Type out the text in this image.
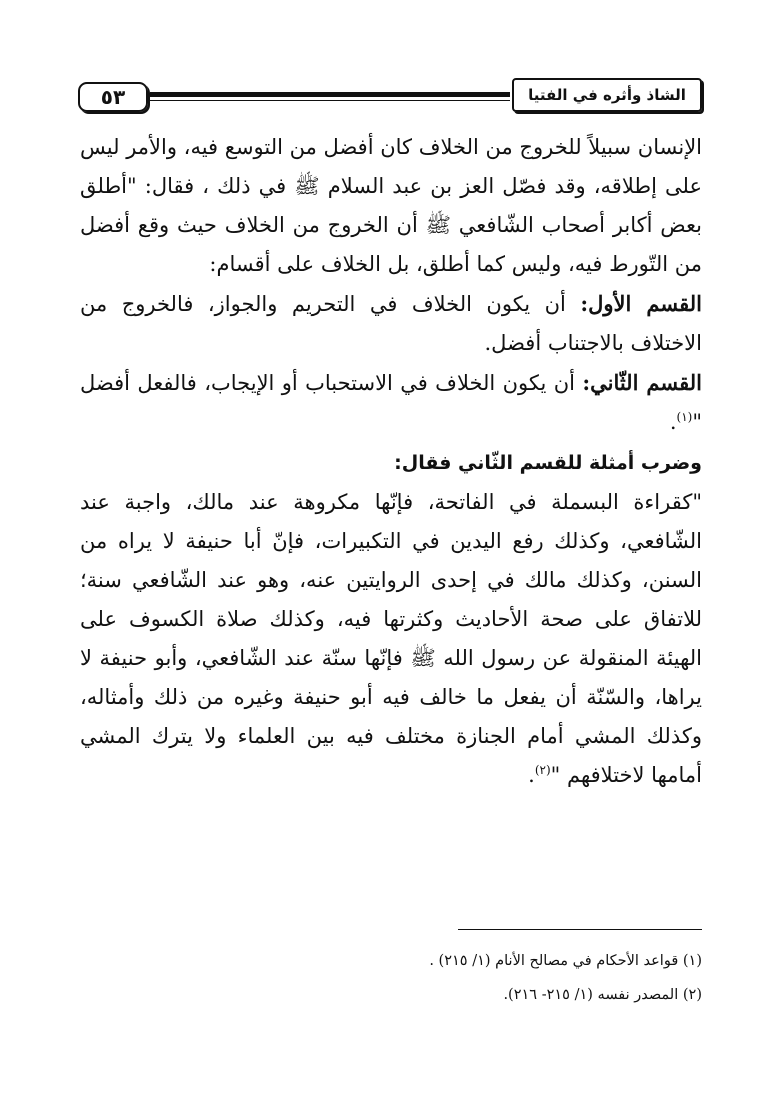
٥٣	الشاذ وأثره في الفتيا

الإنسان سبيلاً للخروج من الخلاف كان أفضل من التوسع فيه، والأمر ليس على إطلاقه، وقد فصّل العز بن عبد السلام ﷺ في ذلك ، فقال: "أطلق بعض أكابر أصحاب الشّافعي ﷺ أن الخروج من الخلاف حيث وقع أفضل من التّورط فيه، وليس كما أطلق، بل الخلاف على أقسام:

القسم الأول: أن يكون الخلاف في التحريم والجواز، فالخروج من الاختلاف بالاجتناب أفضل.

القسم الثّاني: أن يكون الخلاف في الاستحباب أو الإيجاب، فالفعل أفضل "$^{(١)}$.

وضرب أمثلة للقسم الثّاني فقال:

"كقراءة البسملة في الفاتحة، فإنّها مكروهة عند مالك، واجبة عند الشّافعي، وكذلك رفع اليدين في التكبيرات، فإنّ أبا حنيفة لا يراه من السنن، وكذلك مالك في إحدى الروايتين عنه، وهو عند الشّافعي سنة؛ للاتفاق على صحة الأحاديث وكثرتها فيه، وكذلك صلاة الكسوف على الهيئة المنقولة عن رسول الله ﷺ فإنّها سنّة عند الشّافعي، وأبو حنيفة لا يراها، والسّنّة أن يفعل ما خالف فيه أبو حنيفة وغيره من ذلك وأمثاله، وكذلك المشي أمام الجنازة مختلف فيه بين العلماء ولا يترك المشي أمامها لاختلافهم "$^{(٢)}$.

(١) قواعد الأحكام في مصالح الأنام (١/ ٢١٥) .
(٢) المصدر نفسه (١/ ٢١٥- ٢١٦).
